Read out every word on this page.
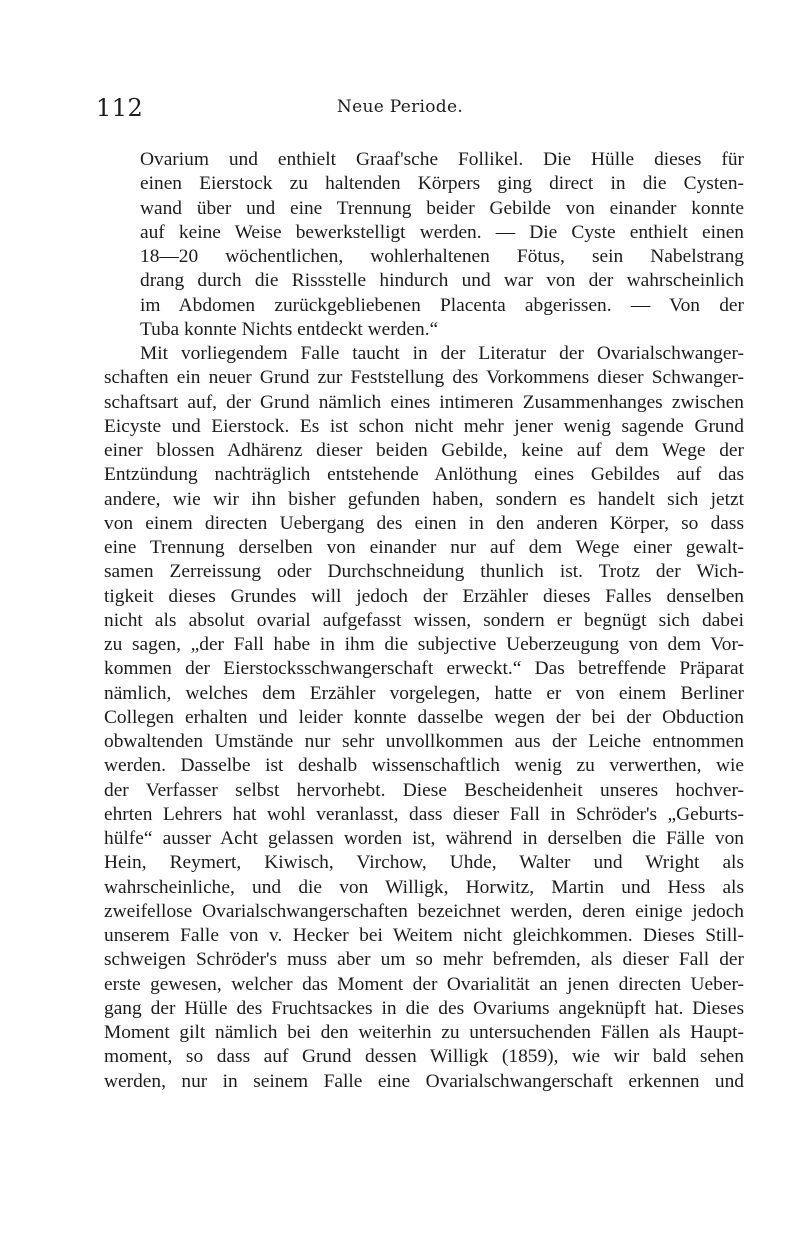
112	Neue Periode.
Ovarium und enthielt Graaf'sche Follikel. Die Hülle dieses für
einen Eierstock zu haltenden Körpers ging direct in die Cysten-
wand über und eine Trennung beider Gebilde von einander konnte
auf keine Weise bewerkstelligt werden. — Die Cyste enthielt einen
18—20 wöchentlichen, wohlerhaltenen Fötus, sein Nabelstrang
drang durch die Rissstelle hindurch und war von der wahrscheinlich
im Abdomen zurückgebliebenen Placenta abgerissen. — Von der
Tuba konnte Nichts entdeckt werden.“
Mit vorliegendem Falle taucht in der Literatur der Ovarialschwanger-
schaften ein neuer Grund zur Feststellung des Vorkommens dieser Schwanger-
schaftsart auf, der Grund nämlich eines intimeren Zusammenhanges zwischen
Eicyste und Eierstock. Es ist schon nicht mehr jener wenig sagende Grund
einer blossen Adhärenz dieser beiden Gebilde, keine auf dem Wege der
Entzündung nachträglich entstehende Anlöthung eines Gebildes auf das
andere, wie wir ihn bisher gefunden haben, sondern es handelt sich jetzt
von einem directen Uebergang des einen in den anderen Körper, so dass
eine Trennung derselben von einander nur auf dem Wege einer gewalt-
samen Zerreissung oder Durchschneidung thunlich ist. Trotz der Wich-
tigkeit dieses Grundes will jedoch der Erzähler dieses Falles denselben
nicht als absolut ovarial aufgefasst wissen, sondern er begnügt sich dabei
zu sagen, „der Fall habe in ihm die subjective Ueberzeugung von dem Vor-
kommen der Eierstocksschwangerschaft erweckt.“ Das betreffende Präparat
nämlich, welches dem Erzähler vorgelegen, hatte er von einem Berliner
Collegen erhalten und leider konnte dasselbe wegen der bei der Obduction
obwaltenden Umstände nur sehr unvollkommen aus der Leiche entnommen
werden. Dasselbe ist deshalb wissenschaftlich wenig zu verwerthen, wie
der Verfasser selbst hervorhebt. Diese Bescheidenheit unseres hochver-
ehrten Lehrers hat wohl veranlasst, dass dieser Fall in Schröder's „Geburts-
hülfe“ ausser Acht gelassen worden ist, während in derselben die Fälle von
Hein, Reymert, Kiwisch, Virchow, Uhde, Walter und Wright als
wahrscheinliche, und die von Willigk, Horwitz, Martin und Hess als
zweifellose Ovarialschwangerschaften bezeichnet werden, deren einige jedoch
unserem Falle von v. Hecker bei Weitem nicht gleichkommen. Dieses Still-
schweigen Schröder's muss aber um so mehr befremden, als dieser Fall der
erste gewesen, welcher das Moment der Ovarialität an jenen directen Ueber-
gang der Hülle des Fruchtsackes in die des Ovariums angeknüpft hat. Dieses
Moment gilt nämlich bei den weiterhin zu untersuchenden Fällen als Haupt-
moment, so dass auf Grund dessen Willigk (1859), wie wir bald sehen
werden, nur in seinem Falle eine Ovarialschwangerschaft erkennen und
